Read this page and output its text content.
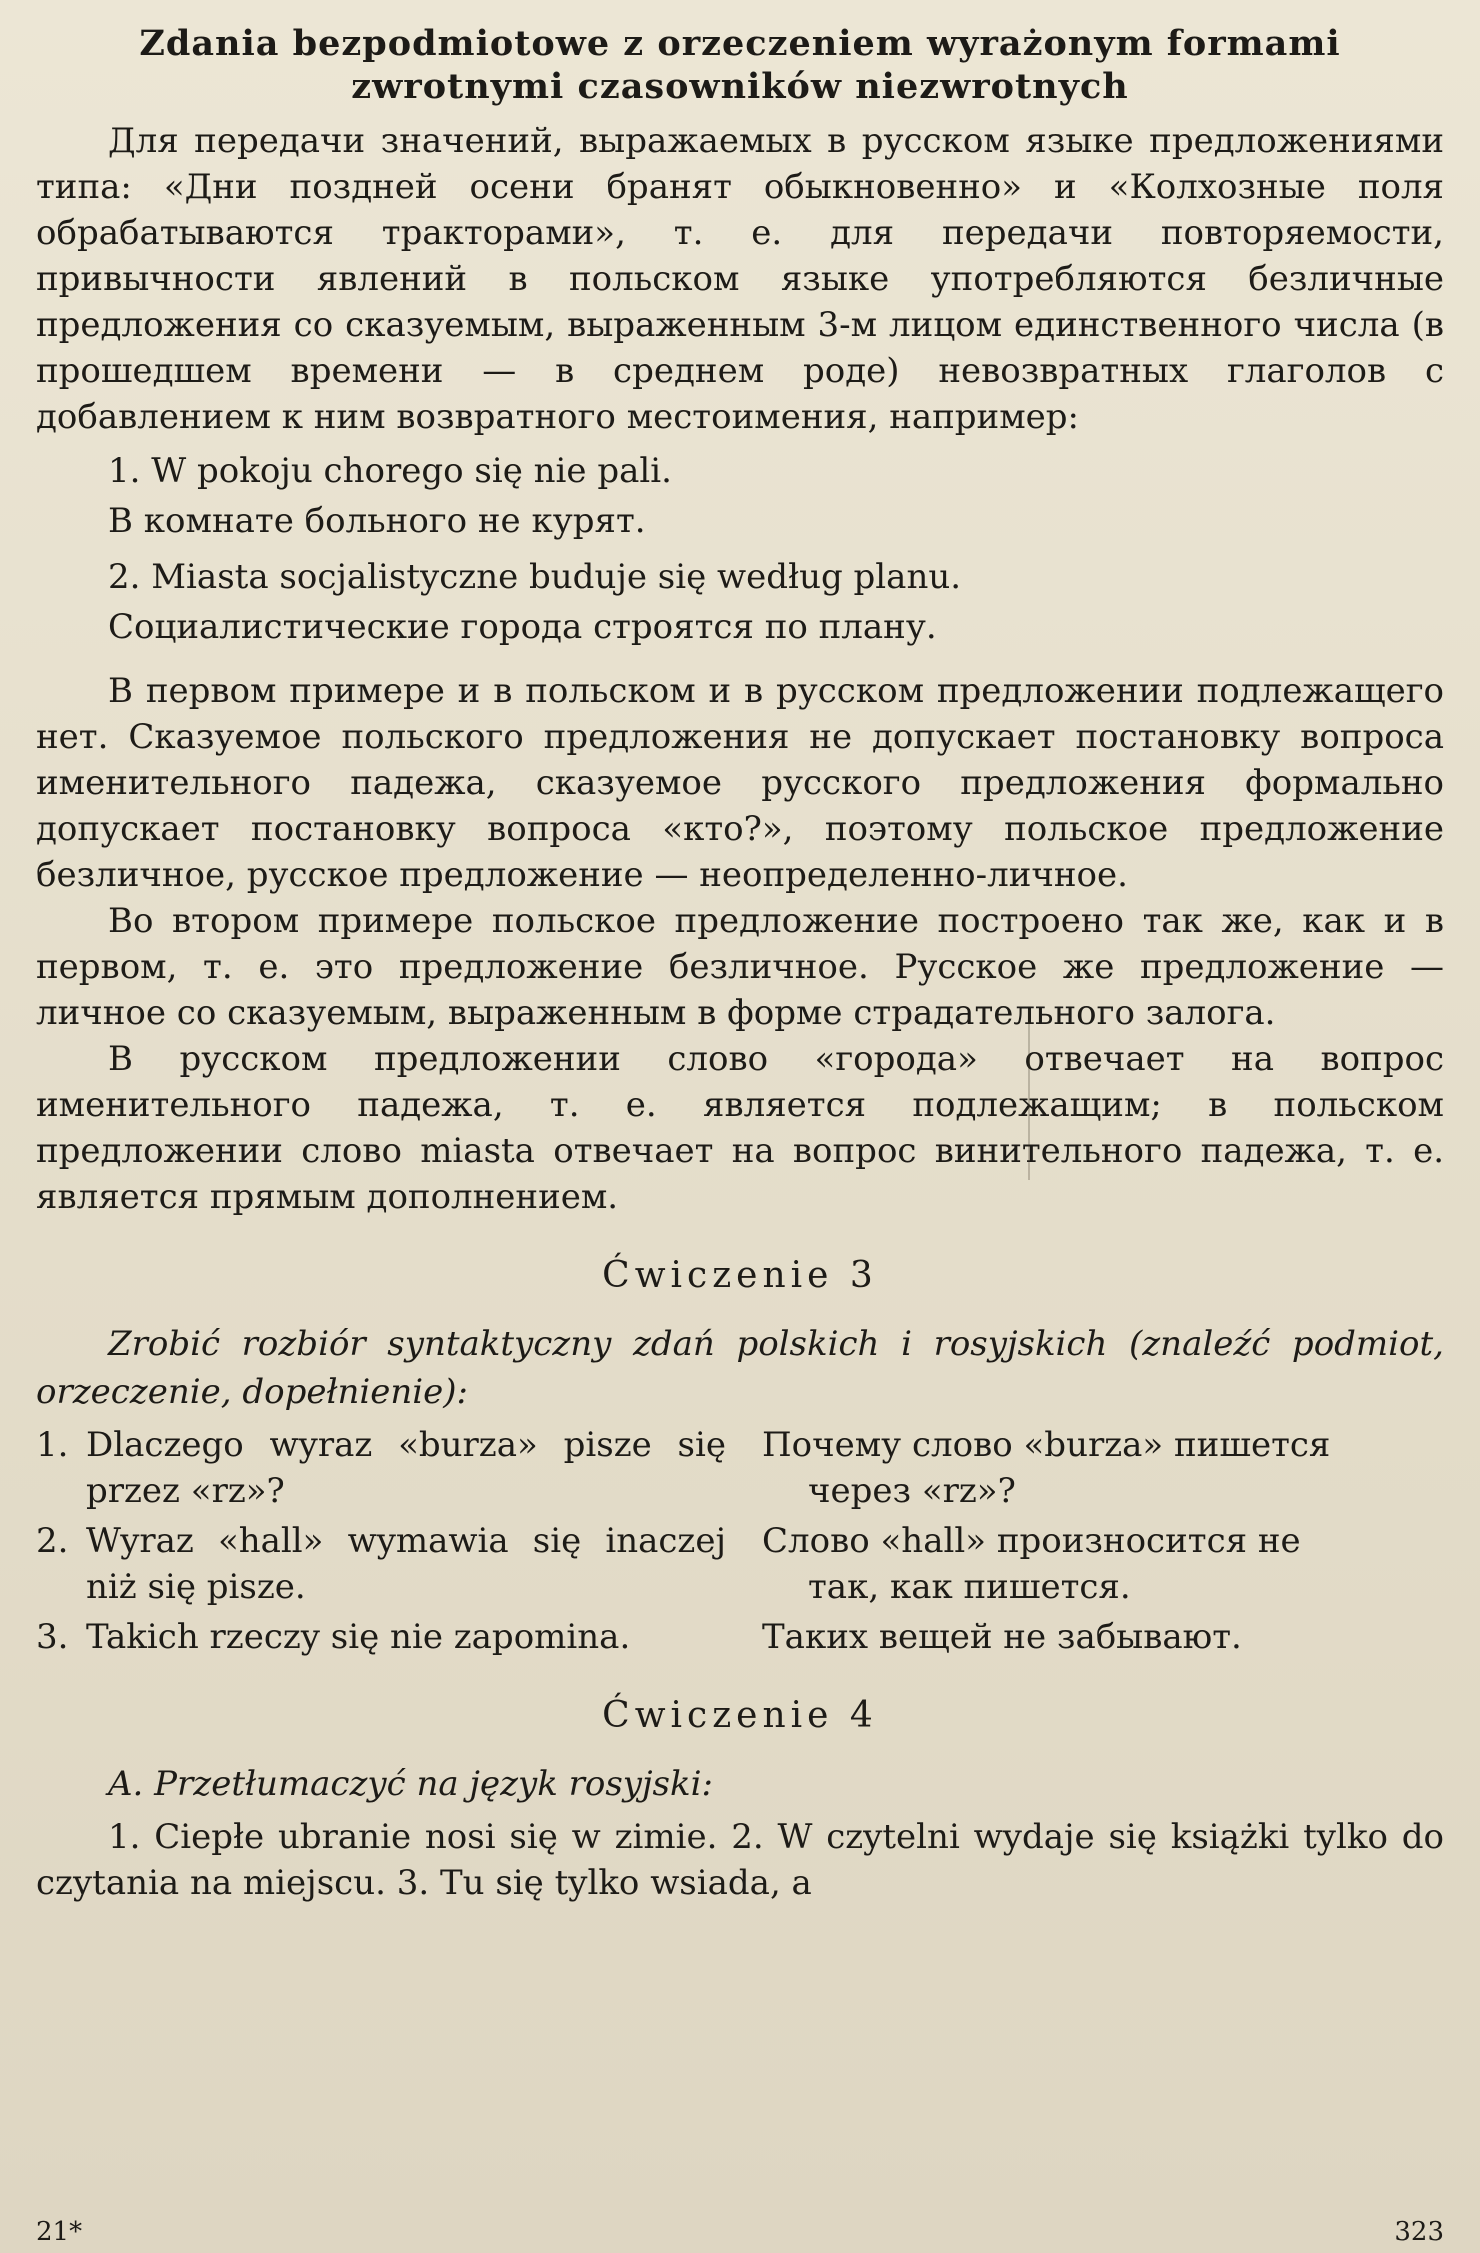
Zdania bezpodmiotowe z orzeczeniem wyrażonym formami
zwrotnymi czasowników niezwrotnych

Для передачи значений, выражаемых в русском языке предложениями типа: «Дни поздней осени бранят обыкновенно» и «Колхозные поля обрабатываются тракторами», т. е. для передачи повторяемости, привычности явлений в польском языке употребляются безличные предложения со сказуемым, выраженным 3-м лицом единственного числа (в прошедшем времени — в среднем роде) невозвратных глаголов с добавлением к ним возвратного местоимения, например:

1. W pokoju chorego się nie pali.

В комнате больного не курят.

2. Miasta socjalistyczne buduje się według planu.

Социалистические города строятся по плану.

В первом примере и в польском и в русском предложении подлежащего нет. Сказуемое польского предложения не допускает постановку вопроса именительного падежа, сказуемое русского предложения формально допускает постановку вопроса «кто?», поэтому польское предложение безличное, русское предложение — неопределенно-личное.

Во втором примере польское предложение построено так же, как и в первом, т. е. это предложение безличное. Русское же предложение — личное со сказуемым, выраженным в форме страдательного залога.

В русском предложении слово «города» отвечает на вопрос именительного падежа, т. е. является подлежащим; в польском предложении слово miasta отвечает на вопрос винительного падежа, т. е. является прямым дополнением.

Ćwiczenie 3

Zrobić rozbiór syntaktyczny zdań polskich i rosyjskich (znaleźć podmiot, orzeczenie, dopełnienie):

1. Dlaczego wyraz «burza» pisze się przez «rz»?
Почему слово «burza» пишется
через «rz»?
2. Wyraz «hall» wymawia się inaczej niż się pisze.
Слово «hall» произносится не
так, как пишется.
3. Takich rzeczy się nie zapomina.	Таких вещей не забывают.
Ćwiczenie 4

A. Przetłumaczyć na język rosyjski:

1. Ciepłe ubranie nosi się w zimie. 2. W czytelni wydaje się książki tylko do czytania na miejscu. 3. Tu się tylko wsiada, a

21*	323
